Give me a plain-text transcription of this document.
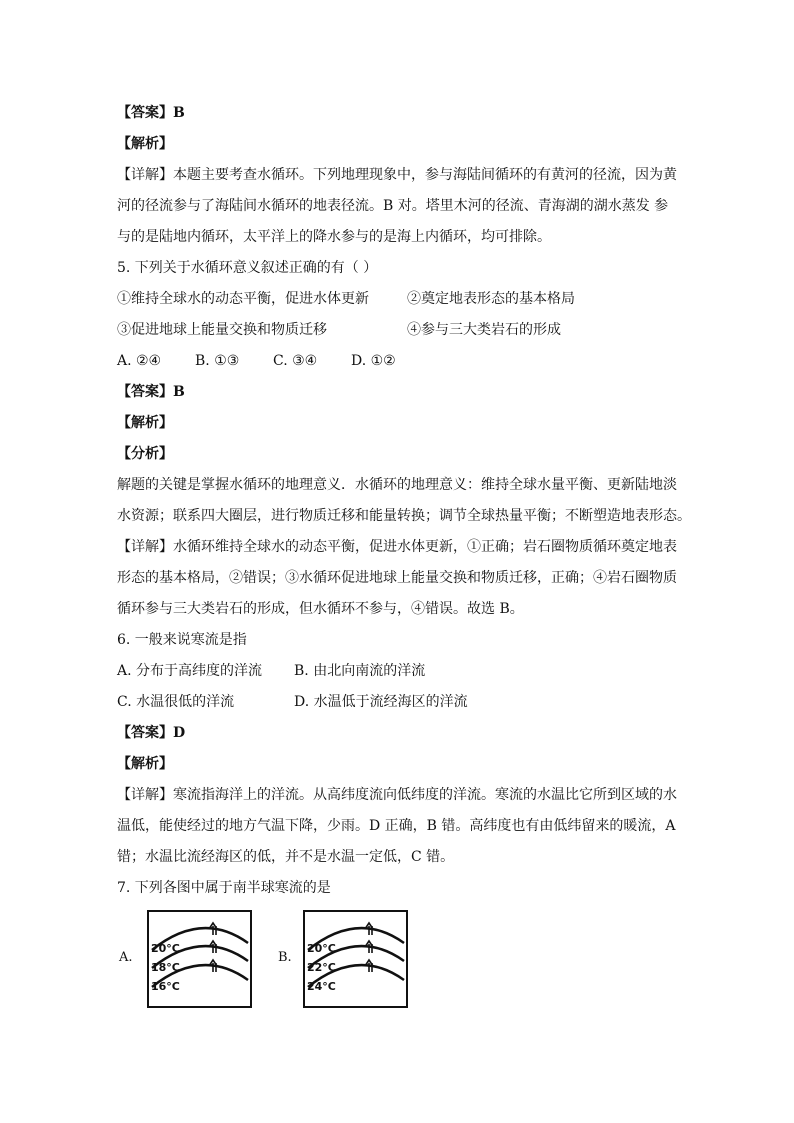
【答案】B
【解析】
【详解】本题主要考查水循环。下列地理现象中，参与海陆间循环的有黄河的径流，因为黄
河的径流参与了海陆间水循环的地表径流。B 对。塔里木河的径流、青海湖的湖水蒸发 参
与的是陆地内循环，太平洋上的降水参与的是海上内循环，均可排除。
5. 下列关于水循环意义叙述正确的有（ ）
①维持全球水的动态平衡，促进水体更新	②奠定地表形态的基本格局
③促进地球上能量交换和物质迁移	④参与三大类岩石的形成
A. ②④ B. ①③ C. ③④ D. ①②
【答案】B
【解析】
【分析】
解题的关键是掌握水循环的地理意义．水循环的地理意义：维持全球水量平衡、更新陆地淡
水资源；联系四大圈层，进行物质迁移和能量转换；调节全球热量平衡；不断塑造地表形态。
【详解】水循环维持全球水的动态平衡，促进水体更新，①正确；岩石圈物质循环奠定地表
形态的基本格局，②错误；③水循环促进地球上能量交换和物质迁移，正确；④岩石圈物质
循环参与三大类岩石的形成，但水循环不参与，④错误。故选 B。
6. 一般来说寒流是指
A. 分布于高纬度的洋流 B. 由北向南流的洋流
C. 水温很低的洋流	D. 水温低于流经海区的洋流
【答案】D
【解析】
【详解】寒流指海洋上的洋流。从高纬度流向低纬度的洋流。寒流的水温比它所到区域的水
温低，能使经过的地方气温下降，少雨。D 正确，B 错。高纬度也有由低纬留来的暖流，A
错；水温比流经海区的低，并不是水温一定低，C 错。
7. 下列各图中属于南半球寒流的是
A.
20°C
18°C
16°C
B.
20°C
22°C
24°C
